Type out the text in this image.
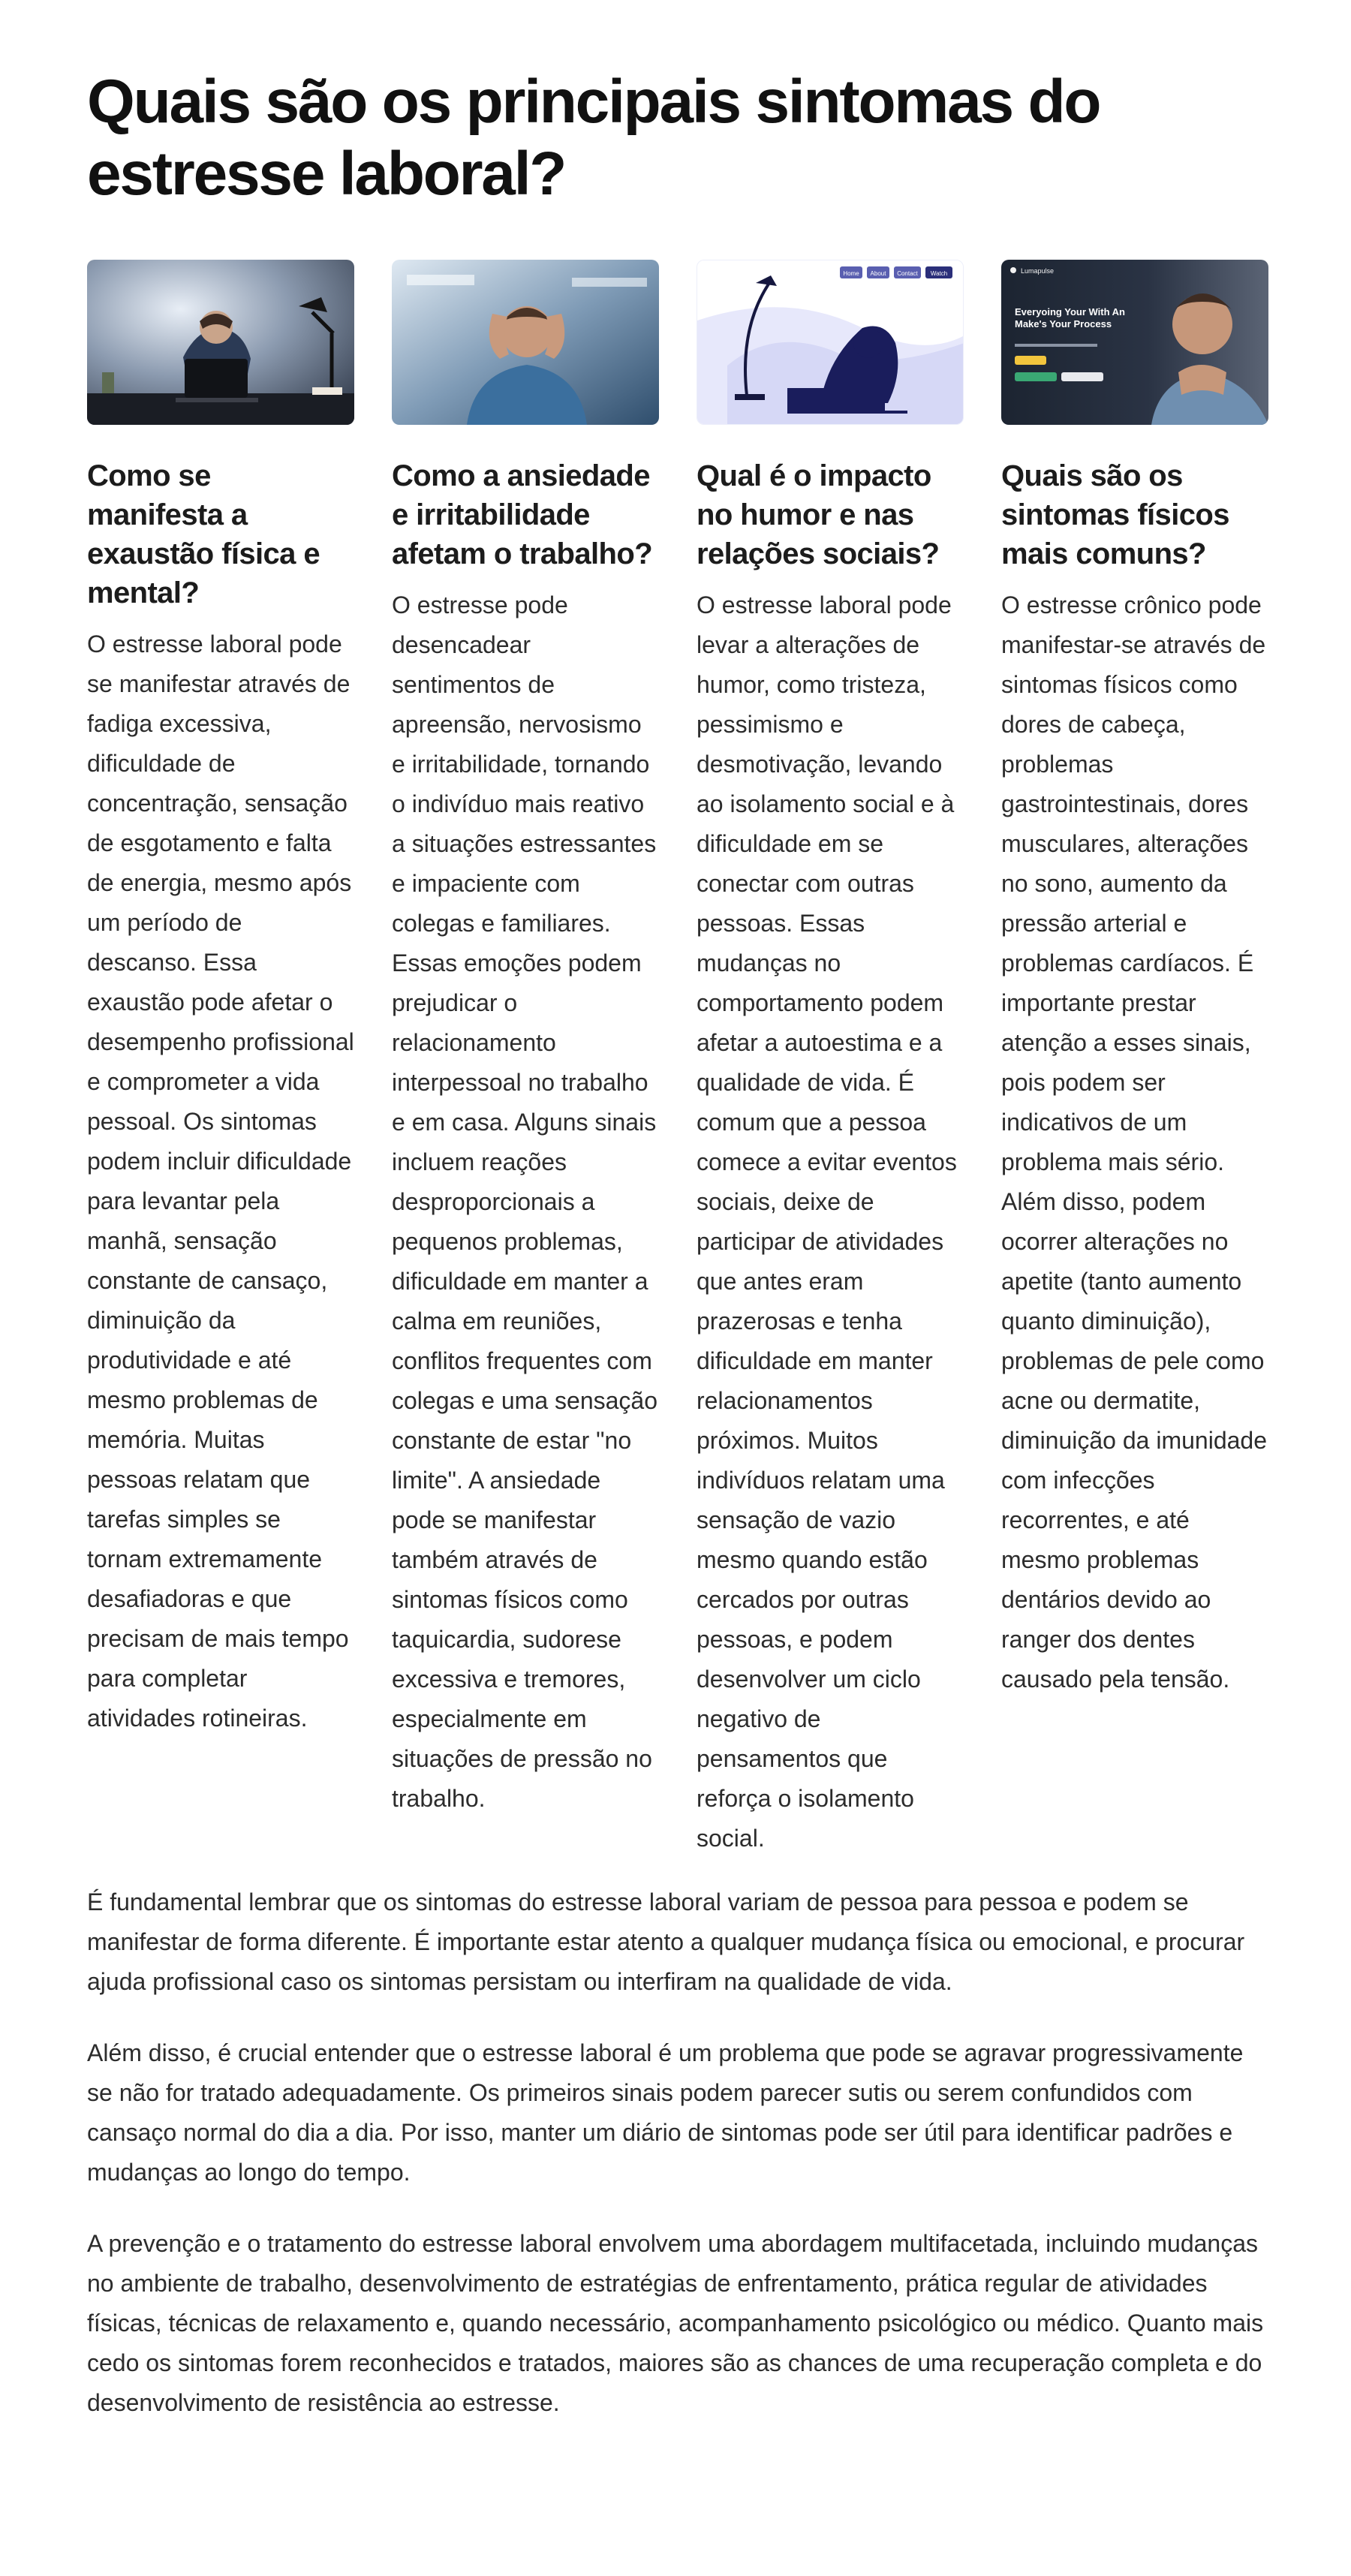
Quais são os principais sintomas do estresse laboral?
Como se manifesta a exaustão física e mental?

O estresse laboral pode se manifestar através de fadiga excessiva, dificuldade de concentração, sensação de esgotamento e falta de energia, mesmo após um período de descanso. Essa exaustão pode afetar o desempenho profissional e comprometer a vida pessoal. Os sintomas podem incluir dificuldade para levantar pela manhã, sensação constante de cansaço, diminuição da produtividade e até mesmo problemas de memória. Muitas pessoas relatam que tarefas simples se tornam extremamente desafiadoras e que precisam de mais tempo para completar atividades rotineiras.

Como a ansiedade e irritabilidade afetam o trabalho?

O estresse pode desencadear sentimentos de apreensão, nervosismo e irritabilidade, tornando o indivíduo mais reativo a situações estressantes e impaciente com colegas e familiares. Essas emoções podem prejudicar o relacionamento interpessoal no trabalho e em casa. Alguns sinais incluem reações desproporcionais a pequenos problemas, dificuldade em manter a calma em reuniões, conflitos frequentes com colegas e uma sensação constante de estar "no limite". A ansiedade pode se manifestar também através de sintomas físicos como taquicardia, sudorese excessiva e tremores, especialmente em situações de pressão no trabalho.

Home About Contact Watch
Qual é o impacto no humor e nas relações sociais?

O estresse laboral pode levar a alterações de humor, como tristeza, pessimismo e desmotivação, levando ao isolamento social e à dificuldade em se conectar com outras pessoas. Essas mudanças no comportamento podem afetar a autoestima e a qualidade de vida. É comum que a pessoa comece a evitar eventos sociais, deixe de participar de atividades que antes eram prazerosas e tenha dificuldade em manter relacionamentos próximos. Muitos indivíduos relatam uma sensação de vazio mesmo quando estão cercados por outras pessoas, e podem desenvolver um ciclo negativo de pensamentos que reforça o isolamento social.

Lumapulse
Everyoing Your With An Make's Your Process
Quais são os sintomas físicos mais comuns?

O estresse crônico pode manifestar-se através de sintomas físicos como dores de cabeça, problemas gastrointestinais, dores musculares, alterações no sono, aumento da pressão arterial e problemas cardíacos. É importante prestar atenção a esses sinais, pois podem ser indicativos de um problema mais sério. Além disso, podem ocorrer alterações no apetite (tanto aumento quanto diminuição), problemas de pele como acne ou dermatite, diminuição da imunidade com infecções recorrentes, e até mesmo problemas dentários devido ao ranger dos dentes causado pela tensão.

É fundamental lembrar que os sintomas do estresse laboral variam de pessoa para pessoa e podem se manifestar de forma diferente. É importante estar atento a qualquer mudança física ou emocional, e procurar ajuda profissional caso os sintomas persistam ou interfiram na qualidade de vida.

Além disso, é crucial entender que o estresse laboral é um problema que pode se agravar progressivamente se não for tratado adequadamente. Os primeiros sinais podem parecer sutis ou serem confundidos com cansaço normal do dia a dia. Por isso, manter um diário de sintomas pode ser útil para identificar padrões e mudanças ao longo do tempo.

A prevenção e o tratamento do estresse laboral envolvem uma abordagem multifacetada, incluindo mudanças no ambiente de trabalho, desenvolvimento de estratégias de enfrentamento, prática regular de atividades físicas, técnicas de relaxamento e, quando necessário, acompanhamento psicológico ou médico. Quanto mais cedo os sintomas forem reconhecidos e tratados, maiores são as chances de uma recuperação completa e do desenvolvimento de resistência ao estresse.
